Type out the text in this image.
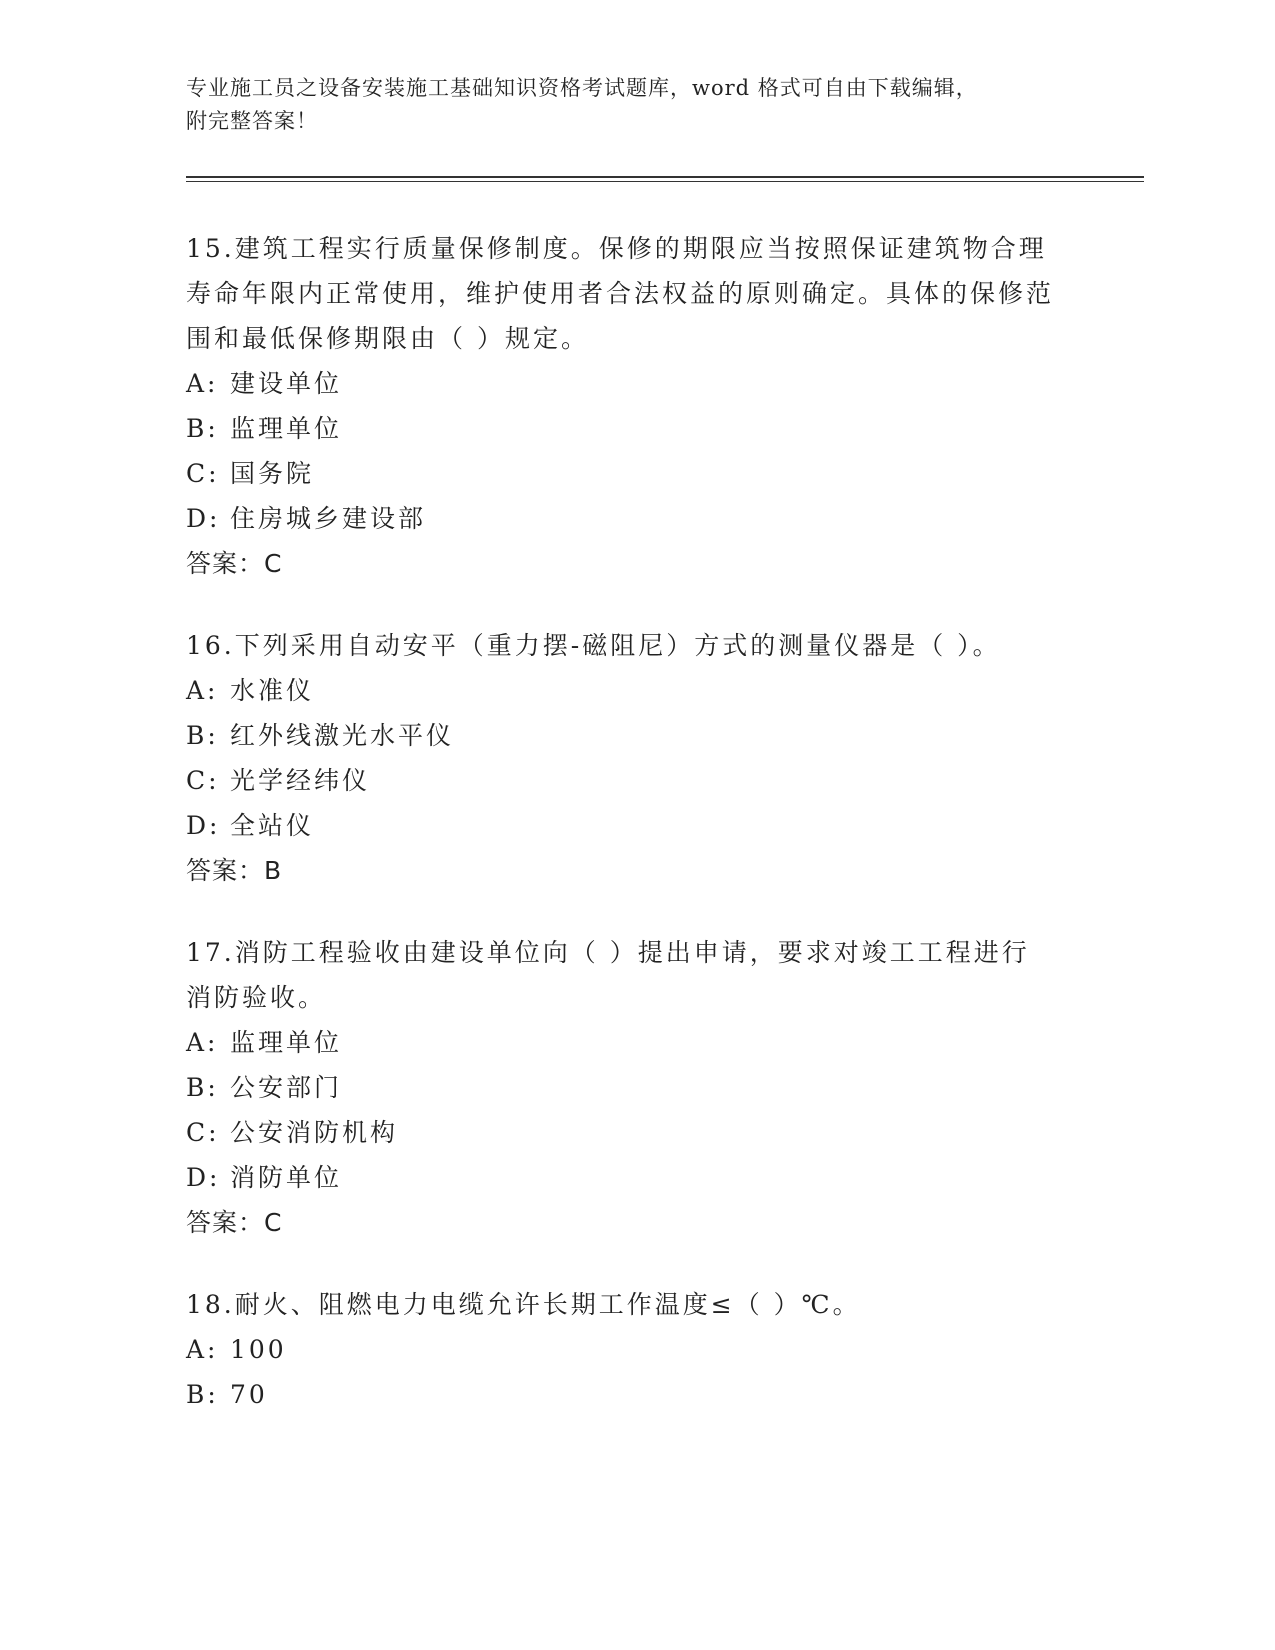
专业施工员之设备安装施工基础知识资格考试题库，word 格式可自由下载编辑，
附完整答案！
15.建筑工程实行质量保修制度。保修的期限应当按照保证建筑物合理寿命年限内正常使用，维护使用者合法权益的原则确定。具体的保修范围和最低保修期限由（ ）规定。
A: 建设单位
B: 监理单位
C: 国务院
D: 住房城乡建设部
答案：C
16.下列采用自动安平（重力摆-磁阻尼）方式的测量仪器是（ ）。
A: 水准仪
B: 红外线激光水平仪
C: 光学经纬仪
D: 全站仪
答案：B
17.消防工程验收由建设单位向（ ）提出申请，要求对竣工工程进行消防验收。
A: 监理单位
B: 公安部门
C: 公安消防机构
D: 消防单位
答案：C
18.耐火、阻燃电力电缆允许长期工作温度≤（ ）℃。
A: 100
B: 70
